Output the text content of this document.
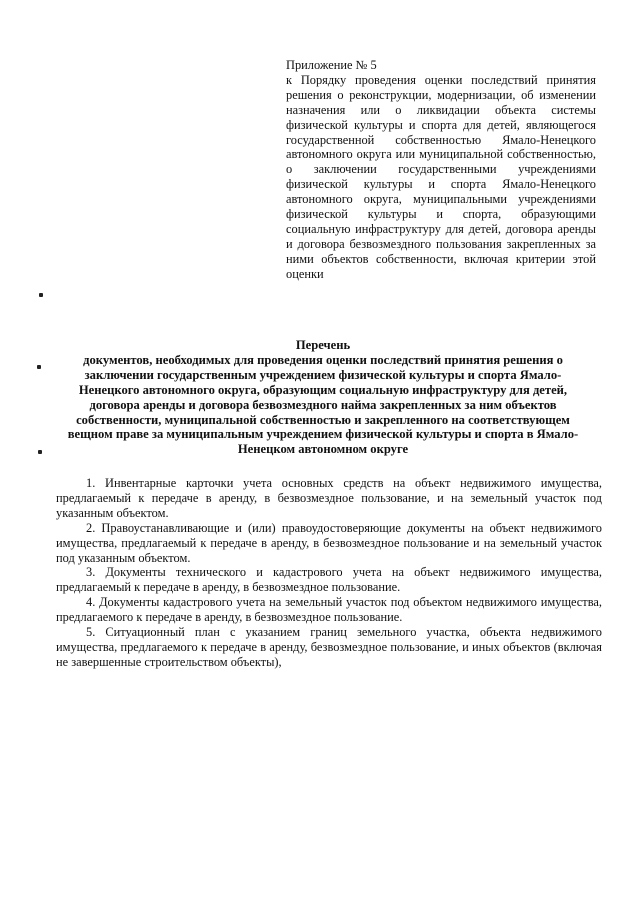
Приложение № 5
к Порядку проведения оценки последствий принятия решения о реконструкции, модернизации, об изменении назначения или о ликвидации объекта системы физической культуры и спорта для детей, являющегося государственной собственностью Ямало-Ненецкого автономного округа или муниципальной собственностью, о заключении государственными учреждениями физической культуры и спорта Ямало-Ненецкого автономного округа, муниципальными учреждениями физической культуры и спорта, образующими социальную инфраструктуру для детей, договора аренды и договора безвозмездного пользования закрепленных за ними объектов собственности, включая критерии этой оценки
Перечень
документов, необходимых для проведения оценки последствий принятия решения о заключении государственным учреждением физической культуры и спорта Ямало-Ненецкого автономного округа, образующим социальную инфраструктуру для детей, договора аренды и договора безвозмездного найма закрепленных за ним объектов собственности, муниципальной собственностью и закрепленного на соответствующем вещном праве за муниципальным учреждением физической культуры и спорта в Ямало-Ненецком автономном округе

1. Инвентарные карточки учета основных средств на объект недвижимого имущества, предлагаемый к передаче в аренду, в безвозмездное пользование, и на земельный участок под указанным объектом.

2. Правоустанавливающие и (или) правоудостоверяющие документы на объект недвижимого имущества, предлагаемый к передаче в аренду, в безвозмездное пользование и на земельный участок под указанным объектом.

3. Документы технического и кадастрового учета на объект недвижимого имущества, предлагаемый к передаче в аренду, в безвозмездное пользование.

4. Документы кадастрового учета на земельный участок под объектом недвижимого имущества, предлагаемого к передаче в аренду, в безвозмездное пользование.

5. Ситуационный план с указанием границ земельного участка, объекта недвижимого имущества, предлагаемого к передаче в аренду, безвозмездное пользование, и иных объектов (включая не завершенные строительством объекты),
